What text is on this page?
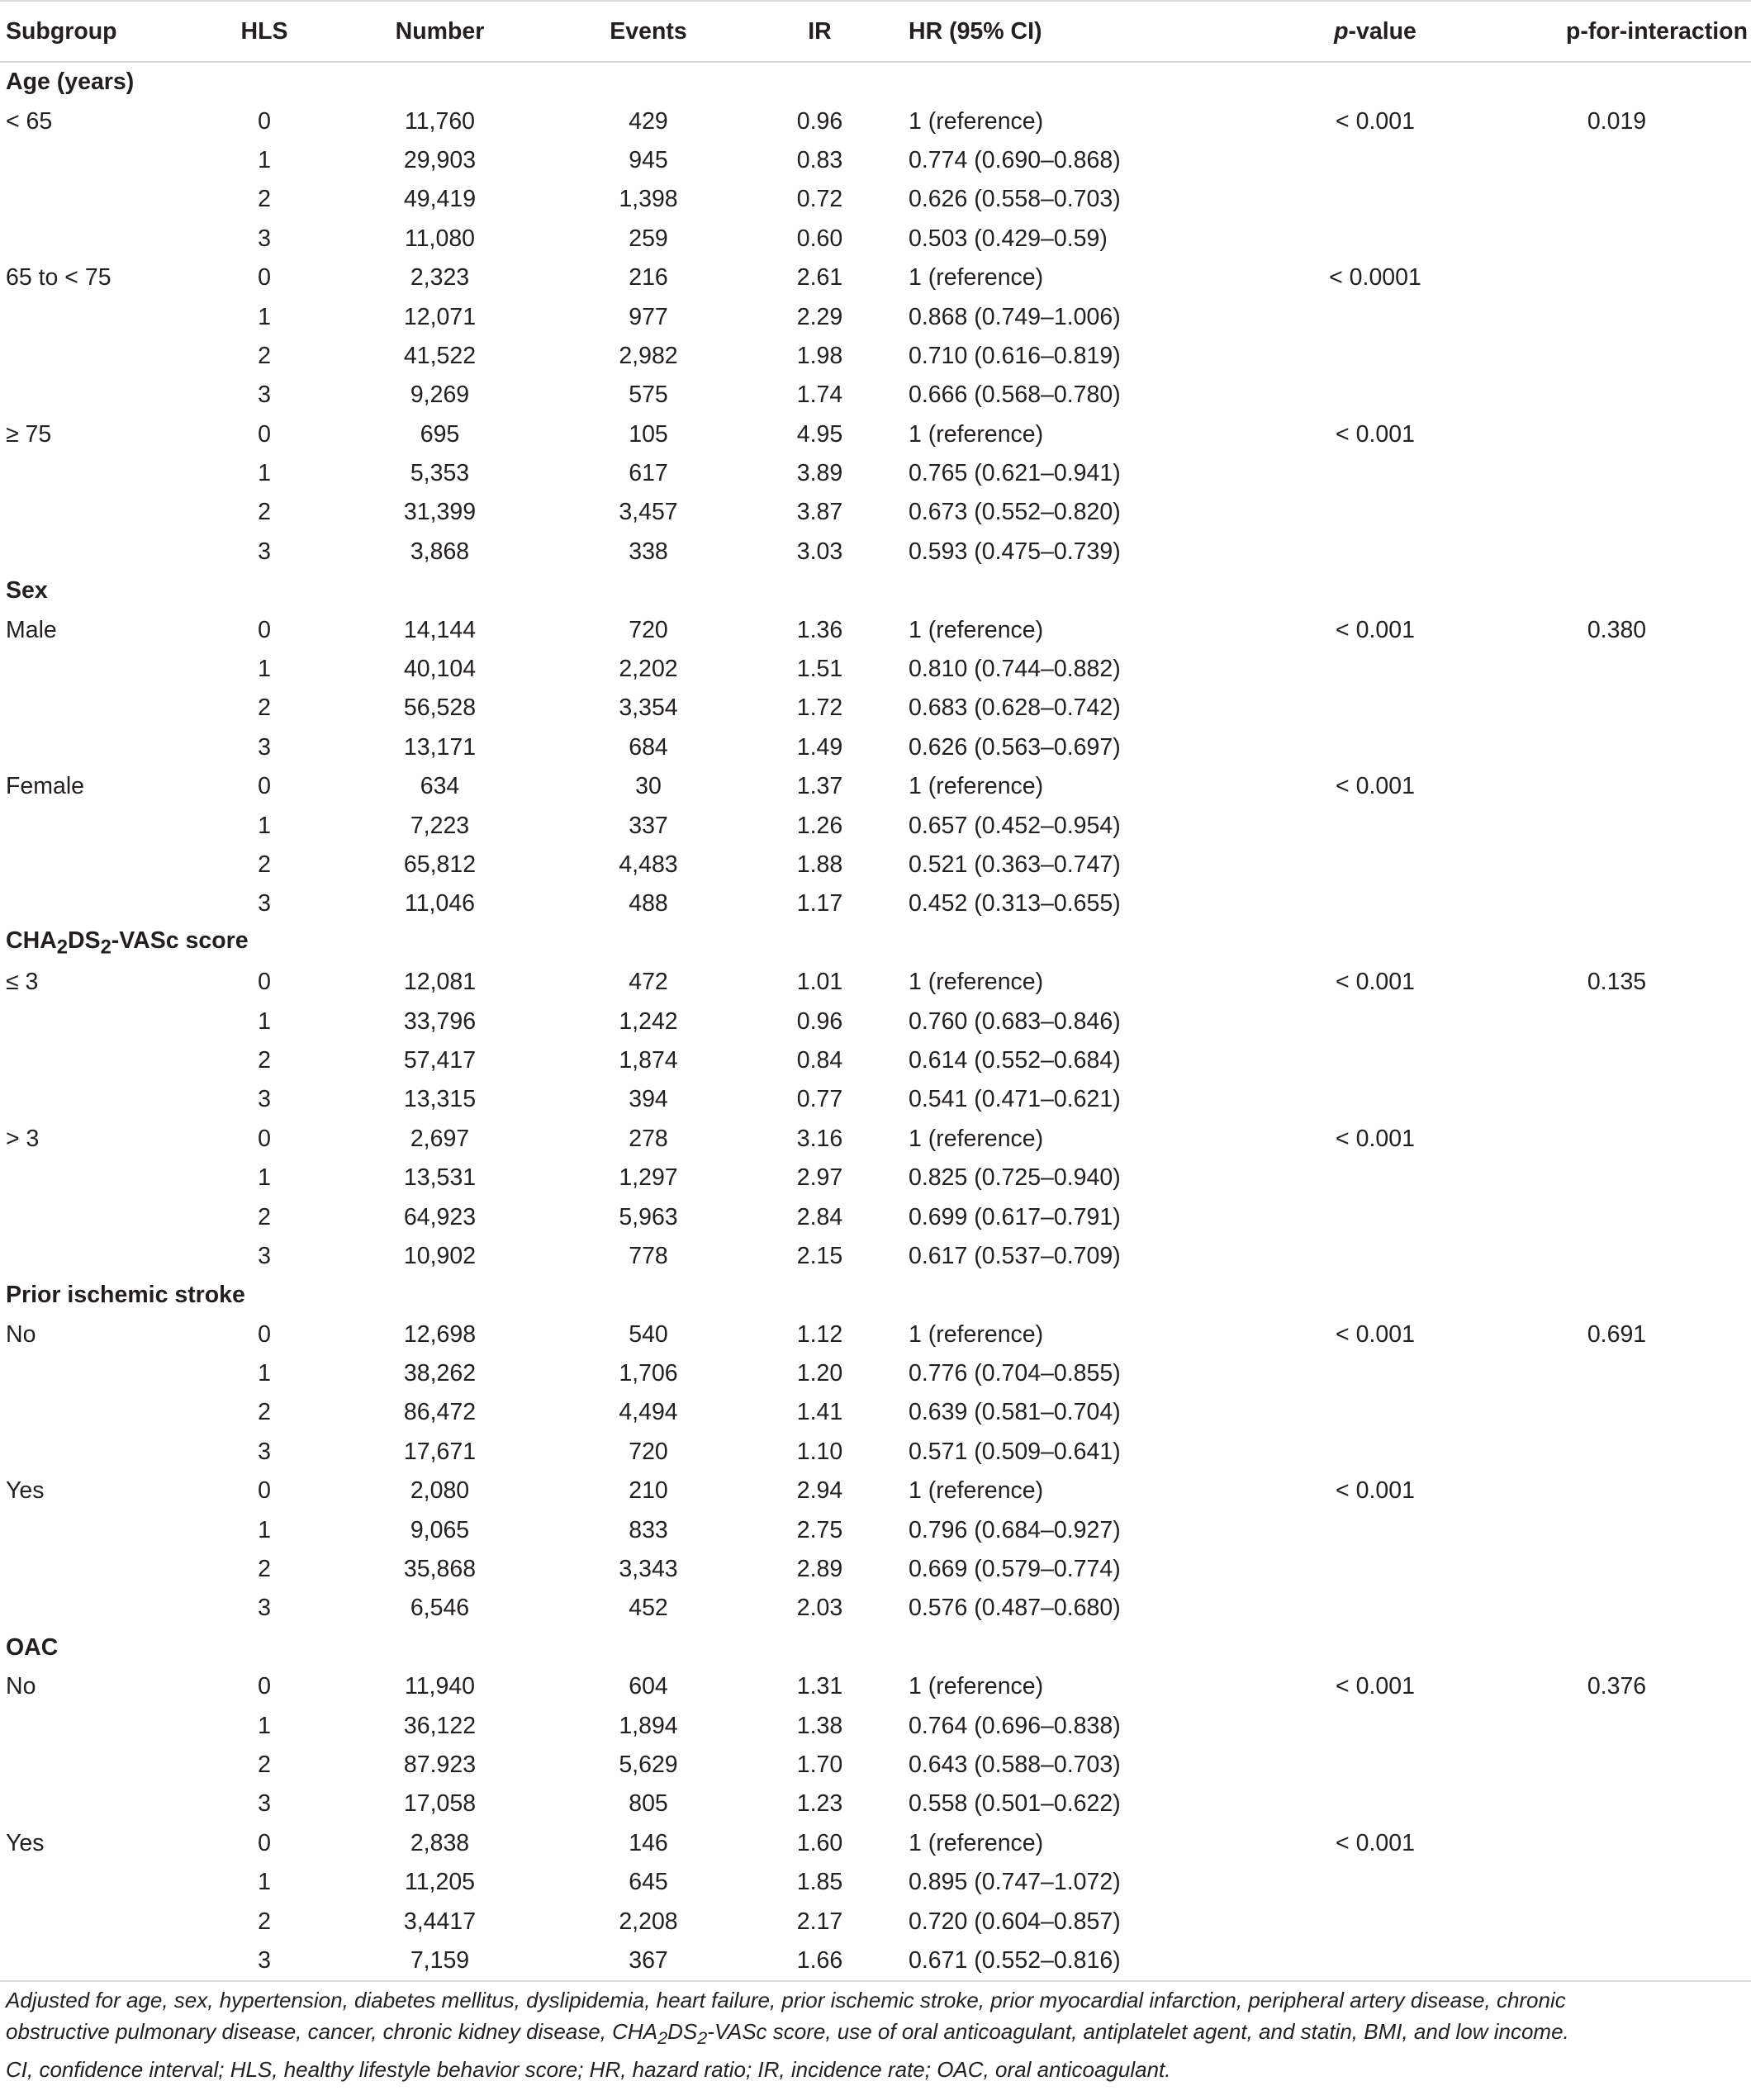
Subgroup	HLS	Number	Events	IR	HR (95% CI)	p-value	p-for-interaction
Age (years)							
< 65	0	11,760	429	0.96	1 (reference)	< 0.001	0.019
	1	29,903	945	0.83	0.774 (0.690–0.868)		
	2	49,419	1,398	0.72	0.626 (0.558–0.703)		
	3	11,080	259	0.60	0.503 (0.429–0.59)		
65 to < 75	0	2,323	216	2.61	1 (reference)	< 0.0001	
	1	12,071	977	2.29	0.868 (0.749–1.006)		
	2	41,522	2,982	1.98	0.710 (0.616–0.819)		
	3	9,269	575	1.74	0.666 (0.568–0.780)		
≥ 75	0	695	105	4.95	1 (reference)	< 0.001	
	1	5,353	617	3.89	0.765 (0.621–0.941)		
	2	31,399	3,457	3.87	0.673 (0.552–0.820)		
	3	3,868	338	3.03	0.593 (0.475–0.739)		
Sex							
Male	0	14,144	720	1.36	1 (reference)	< 0.001	0.380
	1	40,104	2,202	1.51	0.810 (0.744–0.882)		
	2	56,528	3,354	1.72	0.683 (0.628–0.742)		
	3	13,171	684	1.49	0.626 (0.563–0.697)		
Female	0	634	30	1.37	1 (reference)	< 0.001	
	1	7,223	337	1.26	0.657 (0.452–0.954)		
	2	65,812	4,483	1.88	0.521 (0.363–0.747)		
	3	11,046	488	1.17	0.452 (0.313–0.655)		
$CHA_2DS_2$-VASc score							
≤ 3	0	12,081	472	1.01	1 (reference)	< 0.001	0.135
	1	33,796	1,242	0.96	0.760 (0.683–0.846)		
	2	57,417	1,874	0.84	0.614 (0.552–0.684)		
	3	13,315	394	0.77	0.541 (0.471–0.621)		
> 3	0	2,697	278	3.16	1 (reference)	< 0.001	
	1	13,531	1,297	2.97	0.825 (0.725–0.940)		
	2	64,923	5,963	2.84	0.699 (0.617–0.791)		
	3	10,902	778	2.15	0.617 (0.537–0.709)		
Prior ischemic stroke							
No	0	12,698	540	1.12	1 (reference)	< 0.001	0.691
	1	38,262	1,706	1.20	0.776 (0.704–0.855)		
	2	86,472	4,494	1.41	0.639 (0.581–0.704)		
	3	17,671	720	1.10	0.571 (0.509–0.641)		
Yes	0	2,080	210	2.94	1 (reference)	< 0.001	
	1	9,065	833	2.75	0.796 (0.684–0.927)		
	2	35,868	3,343	2.89	0.669 (0.579–0.774)		
	3	6,546	452	2.03	0.576 (0.487–0.680)		
OAC							
No	0	11,940	604	1.31	1 (reference)	< 0.001	0.376
	1	36,122	1,894	1.38	0.764 (0.696–0.838)		
	2	87.923	5,629	1.70	0.643 (0.588–0.703)		
	3	17,058	805	1.23	0.558 (0.501–0.622)		
Yes	0	2,838	146	1.60	1 (reference)	< 0.001	
	1	11,205	645	1.85	0.895 (0.747–1.072)		
	2	3,4417	2,208	2.17	0.720 (0.604–0.857)		
	3	7,159	367	1.66	0.671 (0.552–0.816)		
Adjusted for age, sex, hypertension, diabetes mellitus, dyslipidemia, heart failure, prior ischemic stroke, prior myocardial infarction, peripheral artery disease, chronic
obstructive pulmonary disease, cancer, chronic kidney disease, $CHA_2DS_2$-VASc score, use of oral anticoagulant, antiplatelet agent, and statin, BMI, and low income.
CI, confidence interval; HLS, healthy lifestyle behavior score; HR, hazard ratio; IR, incidence rate; OAC, oral anticoagulant.
